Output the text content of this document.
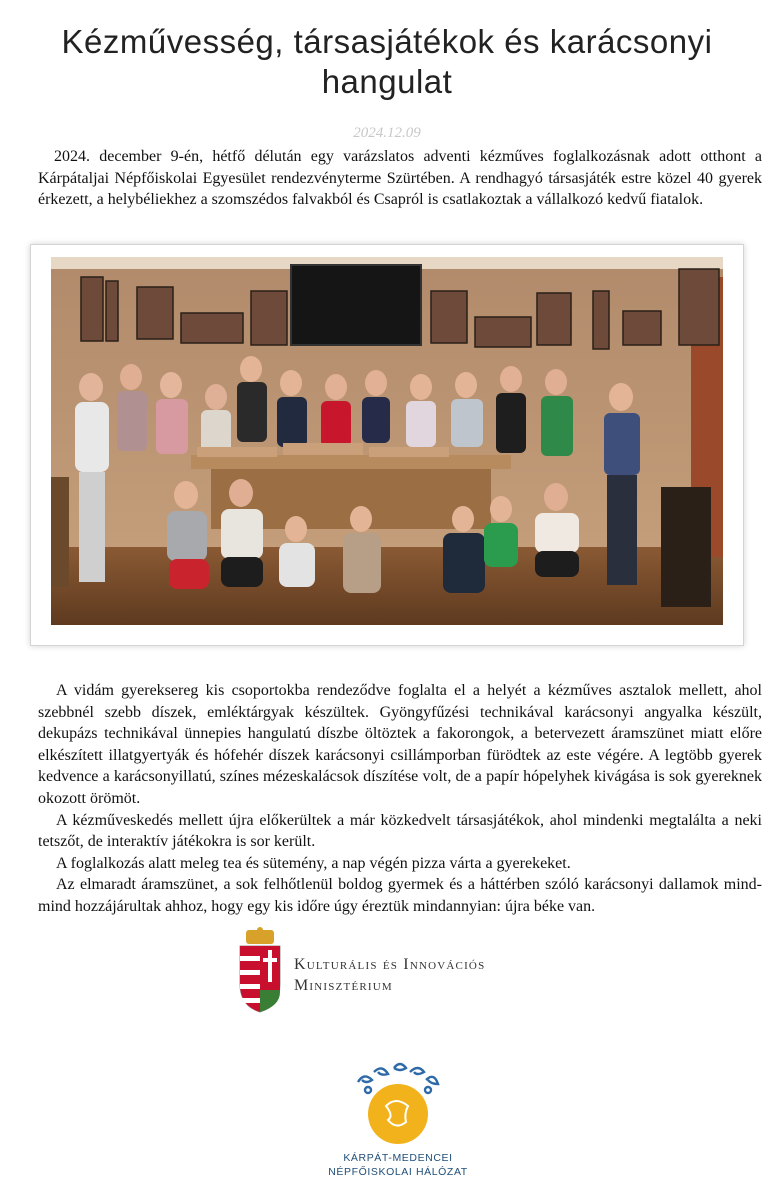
Kézművesség, társasjátékok és karácsonyi hangulat
2024.12.09
2024. december 9-én, hétfő délután egy varázslatos adventi kézműves foglalkozásnak adott otthont a Kárpátaljai Népfőiskolai Egyesület rendezvényterme Szürtében. A rendhagyó társasjáték estre közel 40 gyerek érkezett, a helybéliekhez a szomszédos falvakból és Csapról is csatlakoztak a vállalkozó kedvű fiatalok.

A vidám gyereksereg kis csoportokba rendeződve foglalta el a helyét a kézműves asztalok mellett, ahol szebbnél szebb díszek, emléktárgyak készültek. Gyöngyfűzési technikával karácsonyi angyalka készült, dekupázs technikával ünnepies hangulatú díszbe öltöztek a fakorongok, a betervezett áramszünet miatt előre elkészített illatgyertyák és hófehér díszek karácsonyi csillámporban fürödtek az este végére. A legtöbb gyerek kedvence a karácsonyillatú, színes mézeskalácsok díszítése volt, de a papír hópelyhek kivágása is sok gyereknek okozott örömöt.

A kézműveskedés mellett újra előkerültek a már közkedvelt társasjátékok, ahol mindenki megtalálta a neki tetszőt, de interaktív játékokra is sor került.

A foglalkozás alatt meleg tea és sütemény, a nap végén pizza várta a gyerekeket.

Az elmaradt áramszünet, a sok felhőtlenül boldog gyermek és a háttérben szóló karácsonyi dallamok mind-mind hozzájárultak ahhoz, hogy egy kis időre úgy éreztük mindannyian: újra béke van.

Kulturális és Innovációs
Minisztérium
KÁRPÁT-MEDENCEI
NÉPFŐISKOLAI HÁLÓZAT
